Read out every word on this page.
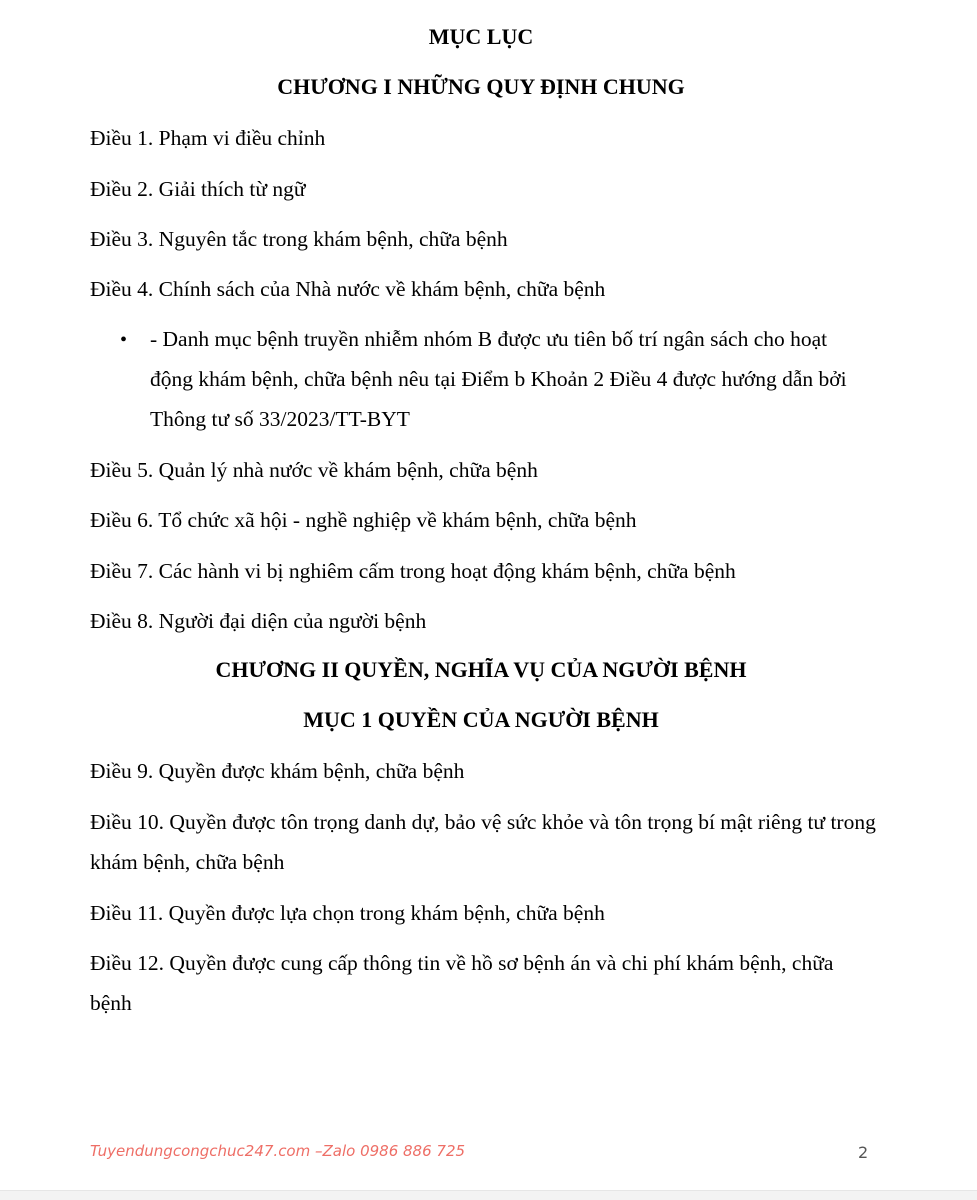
MỤC LỤC
CHƯƠNG I NHỮNG QUY ĐỊNH CHUNG

Điều 1. Phạm vi điều chỉnh

Điều 2. Giải thích từ ngữ

Điều 3. Nguyên tắc trong khám bệnh, chữa bệnh

Điều 4. Chính sách của Nhà nước về khám bệnh, chữa bệnh

• - Danh mục bệnh truyền nhiễm nhóm B được ưu tiên bố trí ngân sách cho hoạt động khám bệnh, chữa bệnh nêu tại Điểm b Khoản 2 Điều 4 được hướng dẫn bởi Thông tư số 33/2023/TT-BYT

Điều 5. Quản lý nhà nước về khám bệnh, chữa bệnh

Điều 6. Tổ chức xã hội - nghề nghiệp về khám bệnh, chữa bệnh

Điều 7. Các hành vi bị nghiêm cấm trong hoạt động khám bệnh, chữa bệnh

Điều 8. Người đại diện của người bệnh

CHƯƠNG II QUYỀN, NGHĨA VỤ CỦA NGƯỜI BỆNH
MỤC 1 QUYỀN CỦA NGƯỜI BỆNH

Điều 9. Quyền được khám bệnh, chữa bệnh

Điều 10. Quyền được tôn trọng danh dự, bảo vệ sức khỏe và tôn trọng bí mật riêng tư trong khám bệnh, chữa bệnh

Điều 11. Quyền được lựa chọn trong khám bệnh, chữa bệnh

Điều 12. Quyền được cung cấp thông tin về hồ sơ bệnh án và chi phí khám bệnh, chữa bệnh

Tuyendungcongchuc247.com –Zalo 0986 886 725	2
